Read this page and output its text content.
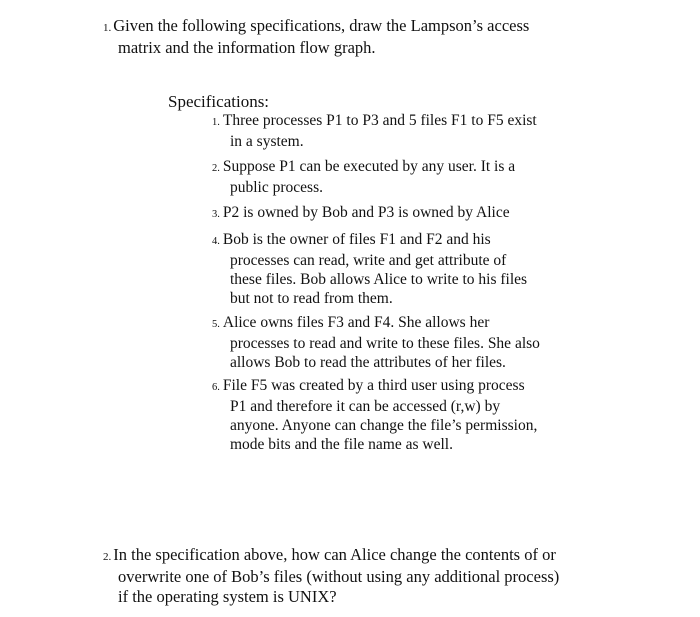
1. Given the following specifications, draw the Lampson’s access
matrix and the information flow graph.
Specifications:
1. Three processes P1 to P3 and 5 files F1 to F5 exist
in a system.
2. Suppose P1 can be executed by any user. It is a
public process.
3. P2 is owned by Bob and P3 is owned by Alice
4. Bob is the owner of files F1 and F2 and his
processes can read, write and get attribute of
these files. Bob allows Alice to write to his files
but not to read from them.
5. Alice owns files F3 and F4. She allows her
processes to read and write to these files. She also
allows Bob to read the attributes of her files.
6. File F5 was created by a third user using process
P1 and therefore it can be accessed (r,w) by
anyone. Anyone can change the file’s permission,
mode bits and the file name as well.
2. In the specification above, how can Alice change the contents of or
overwrite one of Bob’s files (without using any additional process)
if the operating system is UNIX?
